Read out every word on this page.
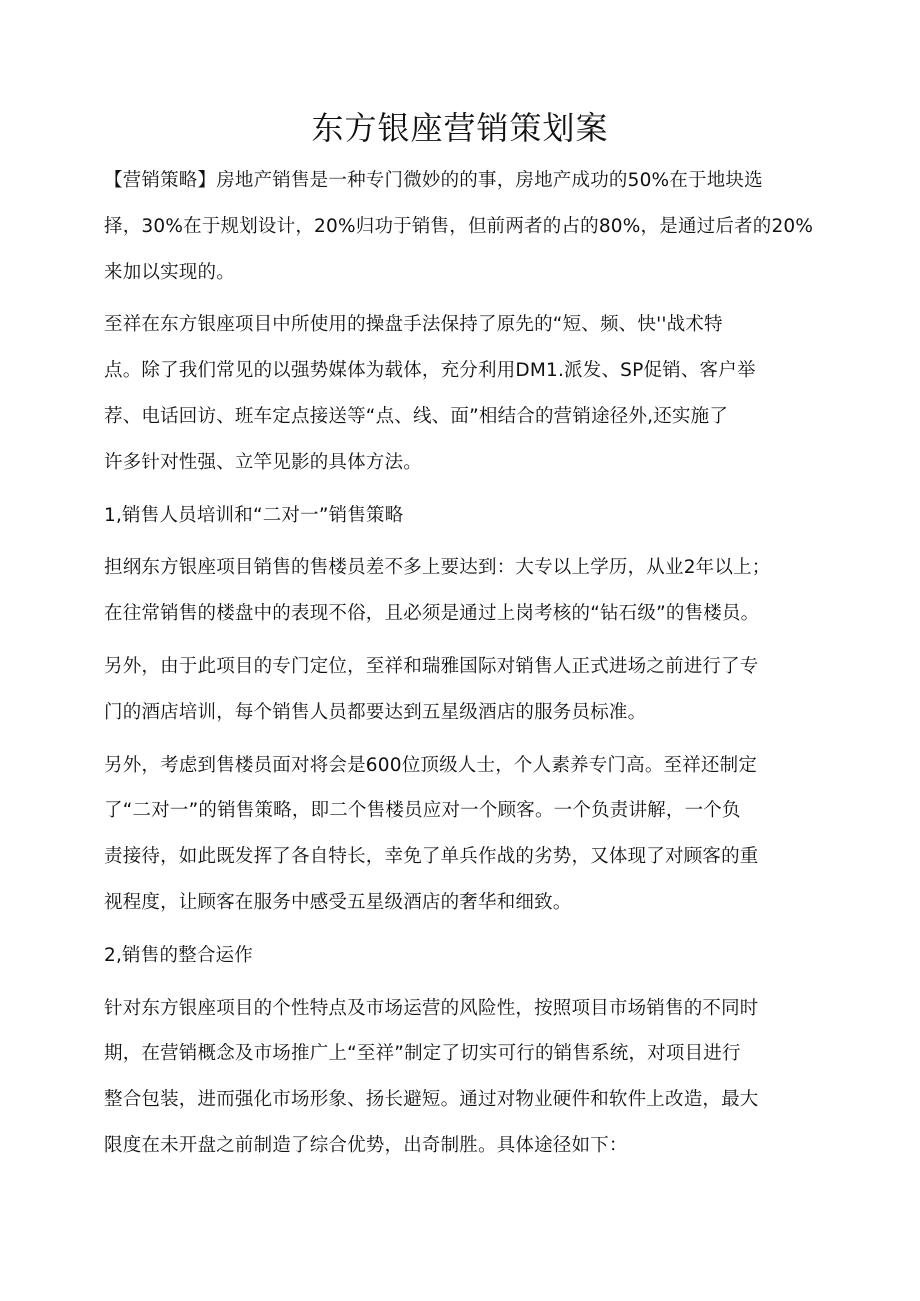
东方银座营销策划案
【营销策略】房地产销售是一种专门微妙的的事，房地产成功的50%在于地块选
择，30%在于规划设计，20%归功于销售，但前两者的占的80%，是通过后者的20%
来加以实现的。
至祥在东方银座项目中所使用的操盘手法保持了原先的“短、频、快''战术特
点。除了我们常见的以强势媒体为载体，充分利用DM1.派发、SP促销、客户举
荐、电话回访、班车定点接送等“点、线、面”相结合的营销途径外,还实施了
许多针对性强、立竿见影的具体方法。
1,销售人员培训和“二对一”销售策略
担纲东方银座项目销售的售楼员差不多上要达到：大专以上学历，从业2年以上；
在往常销售的楼盘中的表现不俗，且必须是通过上岗考核的“钻石级”的售楼员。
另外，由于此项目的专门定位，至祥和瑞雅国际对销售人正式进场之前进行了专
门的酒店培训，每个销售人员都要达到五星级酒店的服务员标准。
另外，考虑到售楼员面对将会是600位顶级人士，个人素养专门高。至祥还制定
了“二对一”的销售策略，即二个售楼员应对一个顾客。一个负责讲解，一个负
责接待，如此既发挥了各自特长，幸免了单兵作战的劣势，又体现了对顾客的重
视程度，让顾客在服务中感受五星级酒店的奢华和细致。
2,销售的整合运作
针对东方银座项目的个性特点及市场运营的风险性，按照项目市场销售的不同时
期，在营销概念及市场推广上“至祥”制定了切实可行的销售系统，对项目进行
整合包装，进而强化市场形象、扬长避短。通过对物业硬件和软件上改造，最大
限度在未开盘之前制造了综合优势，出奇制胜。具体途径如下：
